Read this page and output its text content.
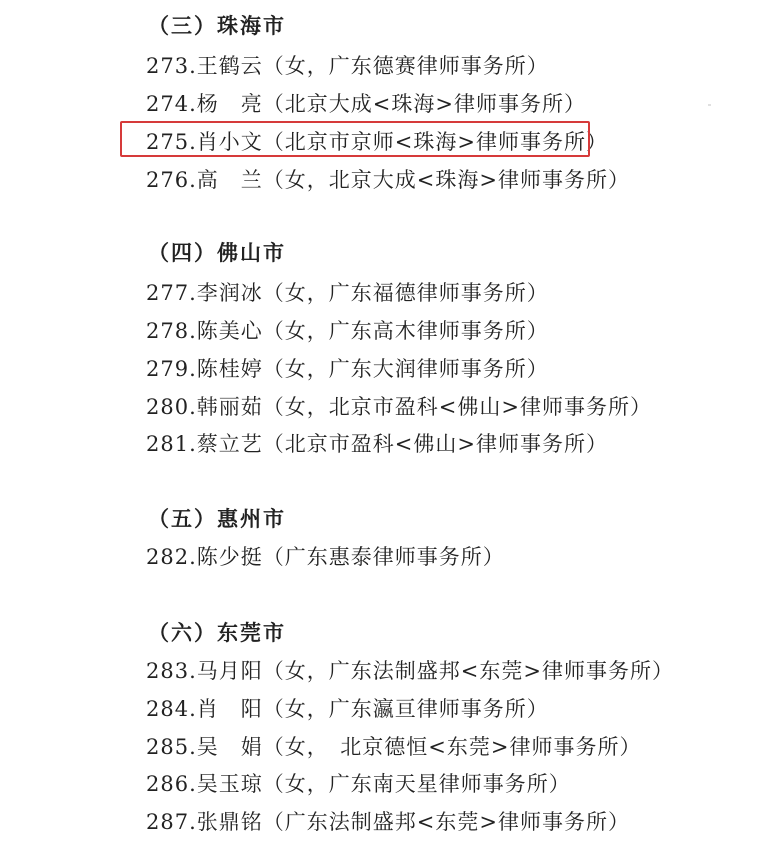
（三）珠海市
273.王鹤云（女，广东德赛律师事务所）
274.杨　亮（北京大成<珠海>律师事务所）
275.肖小文（北京市京师<珠海>律师事务所）
276.高　兰（女，北京大成<珠海>律师事务所）
（四）佛山市
277.李润冰（女，广东福德律师事务所）
278.陈美心（女，广东高木律师事务所）
279.陈桂婷（女，广东大润律师事务所）
280.韩丽茹（女，北京市盈科<佛山>律师事务所）
281.蔡立艺（北京市盈科<佛山>律师事务所）
（五）惠州市
282.陈少挺（广东惠泰律师事务所）
（六）东莞市
283.马月阳（女，广东法制盛邦<东莞>律师事务所）
284.肖　阳（女，广东瀛亘律师事务所）
285.吴　娟（女，　北京德恒<东莞>律师事务所）
286.吴玉琼（女，广东南天星律师事务所）
287.张鼎铭（广东法制盛邦<东莞>律师事务所）
